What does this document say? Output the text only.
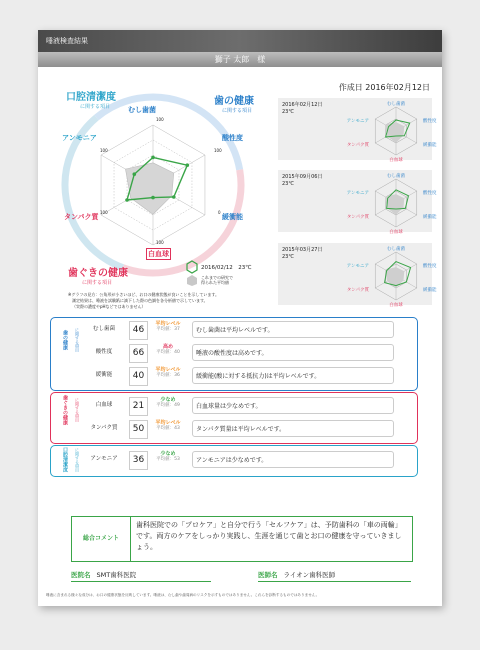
唾液検査結果
獅子 太郎　様
作成日 2016年02月12日
口腔清潔度
に関する項目	歯の健康
に関する項目
歯ぐきの健康
に関する項目
むし歯菌
酸性度
緩衝能
白血球
タンパク質
アンモニア
100
100
0
100
100
100
2016/02/12　23℃
これまでの研究で
得られた平均値
※グラフの見方：公角形が小さいほど、お口の健康状態が良いことを示しています。
測定結果は、唾液を試験紙に滴下した際の色調を各分析値で示しています。
（実際の濃度やpHなどではありません）
2016年02月12日
23℃
むし歯菌
酸性度
緩衝能
白血球
タンパク質
アンモニア
2015年09月06日
23℃
むし歯菌
酸性度
緩衝能
白血球
タンパク質
アンモニア
2015年03月27日
23℃
むし歯菌
酸性度
緩衝能
白血球
タンパク質
アンモニア
歯の健康	に関する項目
歯ぐきの健康	に関する項目
口腔清潔度	に関する項目
むし歯菌	46
平均レベル
平均値：37	むし歯菌は平均レベルです。
酸性度	66
高め
平均値：40	唾液の酸性度は高めです。
緩衝能	40
平均レベル
平均値：36	緩衝能(酸に対する抵抗力)は平均レベルです。
白血球	21
少なめ
平均値：49	白血球量は少なめです。
タンパク質	50
平均レベル
平均値：43	タンパク質量は平均レベルです。
アンモニア	36
少なめ
平均値：53	アンモニアは少なめです。
総合コメント
歯科医院での「プロケア」と自分で行う「セルフケア」は、予防歯科の「車の両輪」です。両方のケアをしっかり実践し、生涯を通じて歯とお口の健康を守っていきましょう。
医院名 SMT歯科医院	医師名 ライオン歯科医師
唾液に含まれる様々な成分は、お口の健康状態を反映しています。唾液は、むし歯や歯周病のリスクを示すものではありません。これらを診断するものではありません。
